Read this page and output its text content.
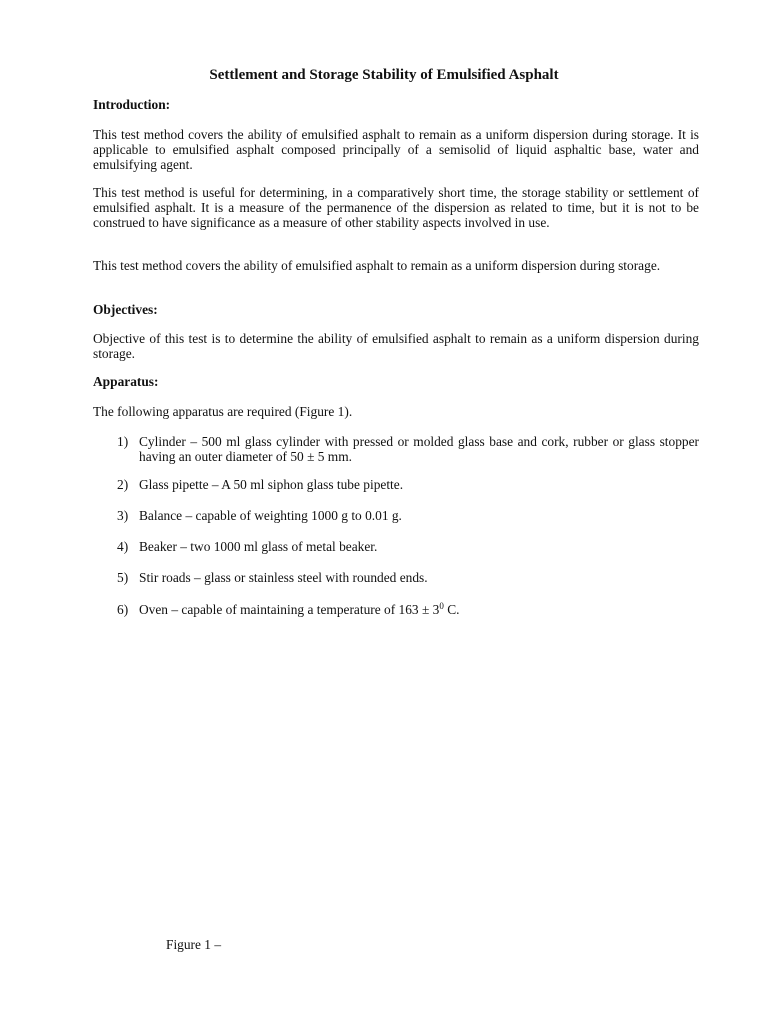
Settlement and Storage Stability of Emulsified Asphalt
Introduction:

This test method covers the ability of emulsified asphalt to remain as a uniform dispersion during storage. It is applicable to emulsified asphalt composed principally of a semisolid of liquid asphaltic base, water and emulsifying agent.

This test method is useful for determining, in a comparatively short time, the storage stability or settlement of emulsified asphalt. It is a measure of the permanence of the dispersion as related to time, but it is not to be construed to have significance as a measure of other stability aspects involved in use.

This test method covers the ability of emulsified asphalt to remain as a uniform dispersion during storage.

Objectives:

Objective of this test is to determine the ability of emulsified asphalt to remain as a uniform dispersion during storage.

Apparatus:

The following apparatus are required (Figure 1).

1) Cylinder – 500 ml glass cylinder with pressed or molded glass base and cork, rubber or glass stopper having an outer diameter of 50 ± 5 mm.
2) Glass pipette – A 50 ml siphon glass tube pipette.
3) Balance – capable of weighting 1000 g to 0.01 g.
4) Beaker – two 1000 ml glass of metal beaker.
5) Stir roads – glass or stainless steel with rounded ends.
6) Oven – capable of maintaining a temperature of $163 \pm 3^0$ C.

Figure 1 –
